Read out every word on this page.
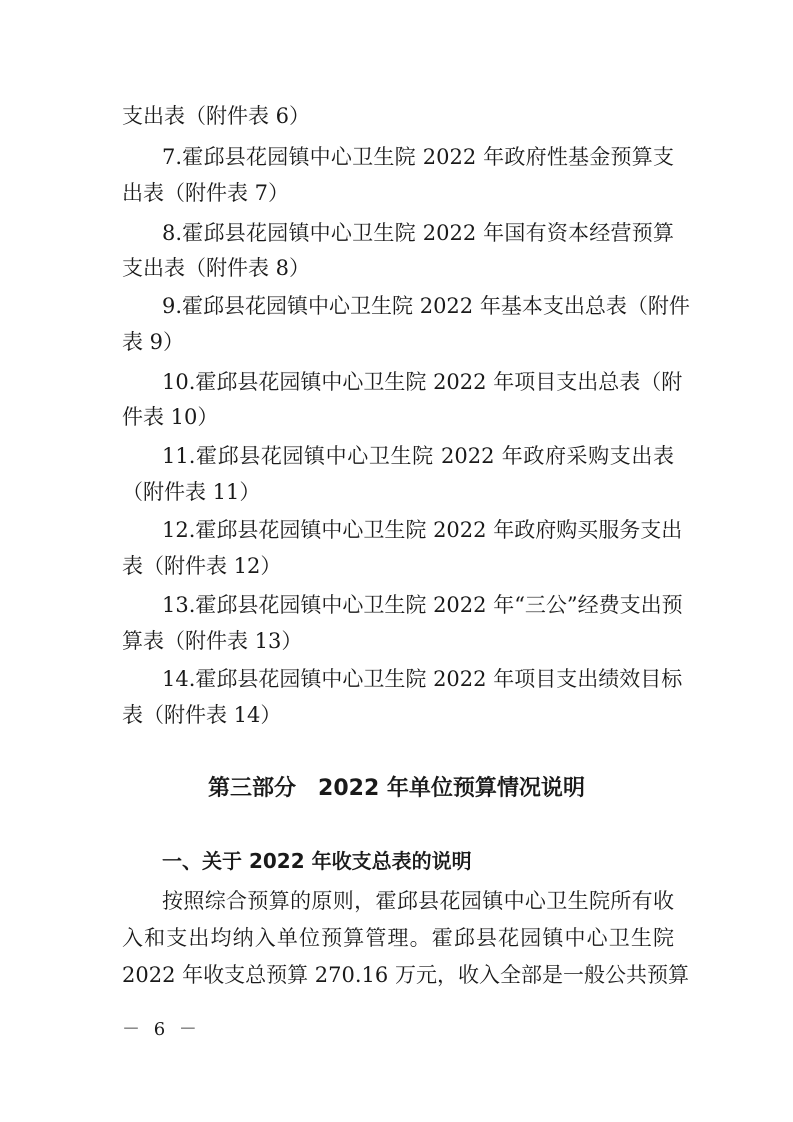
支出表（附件表 6）
7.霍邱县花园镇中心卫生院 2022 年政府性基金预算支
出表（附件表 7）
8.霍邱县花园镇中心卫生院 2022 年国有资本经营预算
支出表（附件表 8）
9.霍邱县花园镇中心卫生院 2022 年基本支出总表（附件
表 9）
10.霍邱县花园镇中心卫生院 2022 年项目支出总表（附
件表 10）
11.霍邱县花园镇中心卫生院 2022 年政府采购支出表
（附件表 11）
12.霍邱县花园镇中心卫生院 2022 年政府购买服务支出
表（附件表 12）
13.霍邱县花园镇中心卫生院 2022 年“三公”经费支出预
算表（附件表 13）
14.霍邱县花园镇中心卫生院 2022 年项目支出绩效目标
表（附件表 14）
第三部分　2022 年单位预算情况说明
一、关于 2022 年收支总表的说明
按照综合预算的原则，霍邱县花园镇中心卫生院所有收
入和支出均纳入单位预算管理。霍邱县花园镇中心卫生院
2022 年收支总预算 270.16 万元，收入全部是一般公共预算
－ 6 －
